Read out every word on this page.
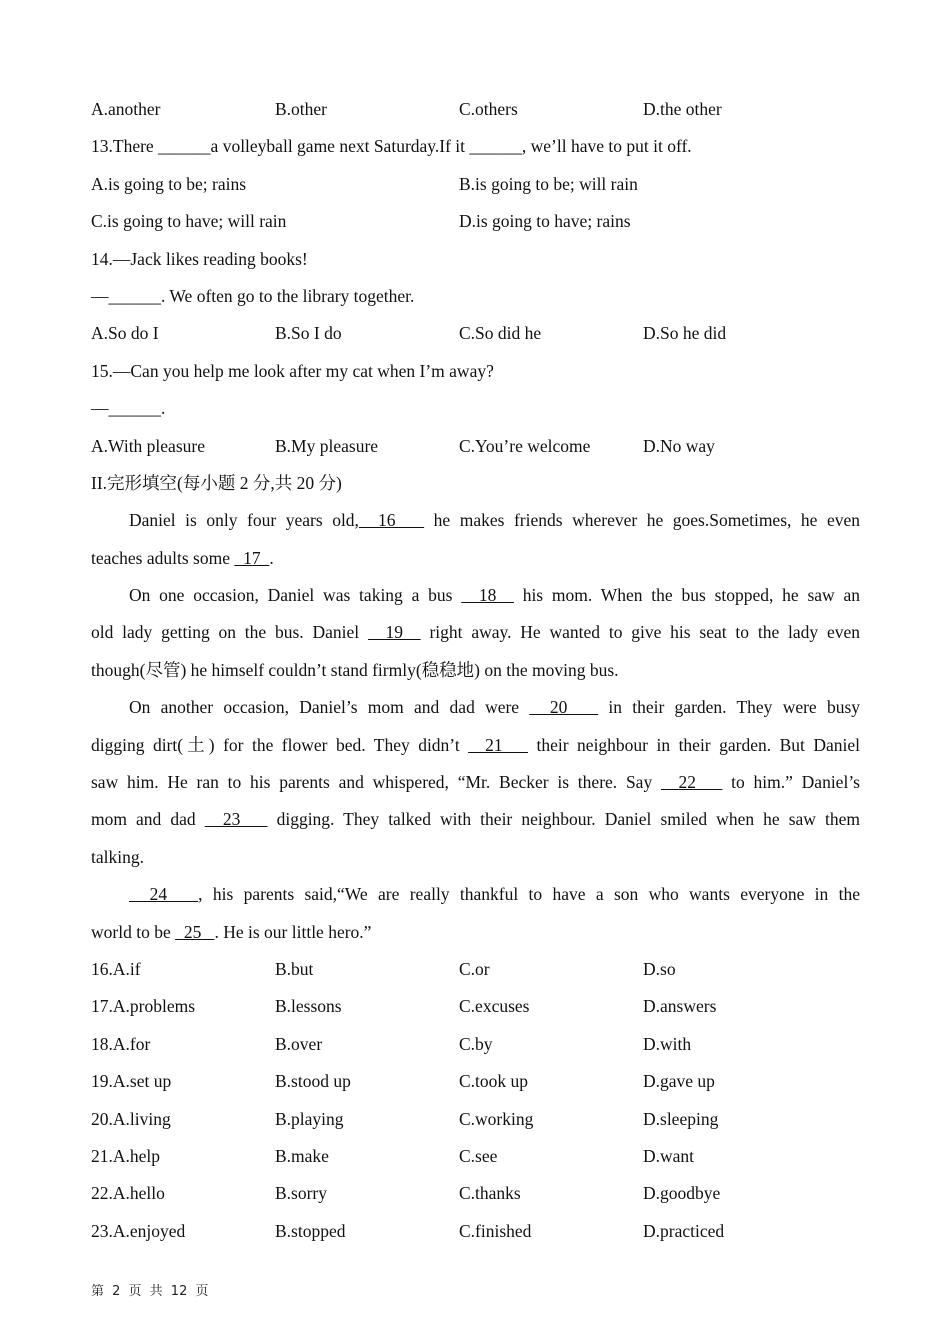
A.another	B.other	C.others	D.the other
13.There ______a volleyball game next Saturday.If it ______, we’ll have to put it off.
A.is going to be; rains	B.is going to be; will rain
C.is going to have; will rain	D.is going to have; rains
14.—Jack likes reading books!
—______. We often go to the library together.
A.So do I	B.So I do	C.So did he	D.So he did
15.—Can you help me look after my cat when I’m away?
—______.
A.With pleasure	B.My pleasure	C.You’re welcome	D.No way
II.完形填空(每小题 2 分,共 20 分)
Daniel is only four years old,  16    he makes friends wherever he goes.Sometimes, he even
teaches adults some   17  .
On one occasion, Daniel was taking a bus   18   his mom. When the bus stopped, he saw an
old lady getting on the bus. Daniel   19   right away. He wanted to give his seat to the lady even
though(尽管) he himself couldn’t stand firmly(稳稳地) on the moving bus.
On another occasion, Daniel’s mom and dad were   20    in their garden. They were busy
digging dirt(土) for the flower bed. They didn’t   21    their neighbour in their garden. But Daniel
saw him. He ran to his parents and whispered, “Mr. Becker is there. Say   22    to him.” Daniel’s
mom and dad   23    digging. They talked with their neighbour. Daniel smiled when he saw them
talking.
24   , his parents said,“We are really thankful to have a son who wants everyone in the
world to be   25   . He is our little hero.”
16.A.if	B.but	C.or	D.so
17.A.problems	B.lessons	C.excuses	D.answers
18.A.for	B.over	C.by	D.with
19.A.set up	B.stood up	C.took up	D.gave up
20.A.living	B.playing	C.working	D.sleeping
21.A.help	B.make	C.see	D.want
22.A.hello	B.sorry	C.thanks	D.goodbye
23.A.enjoyed	B.stopped	C.finished	D.practiced
第 2 页 共 12 页
